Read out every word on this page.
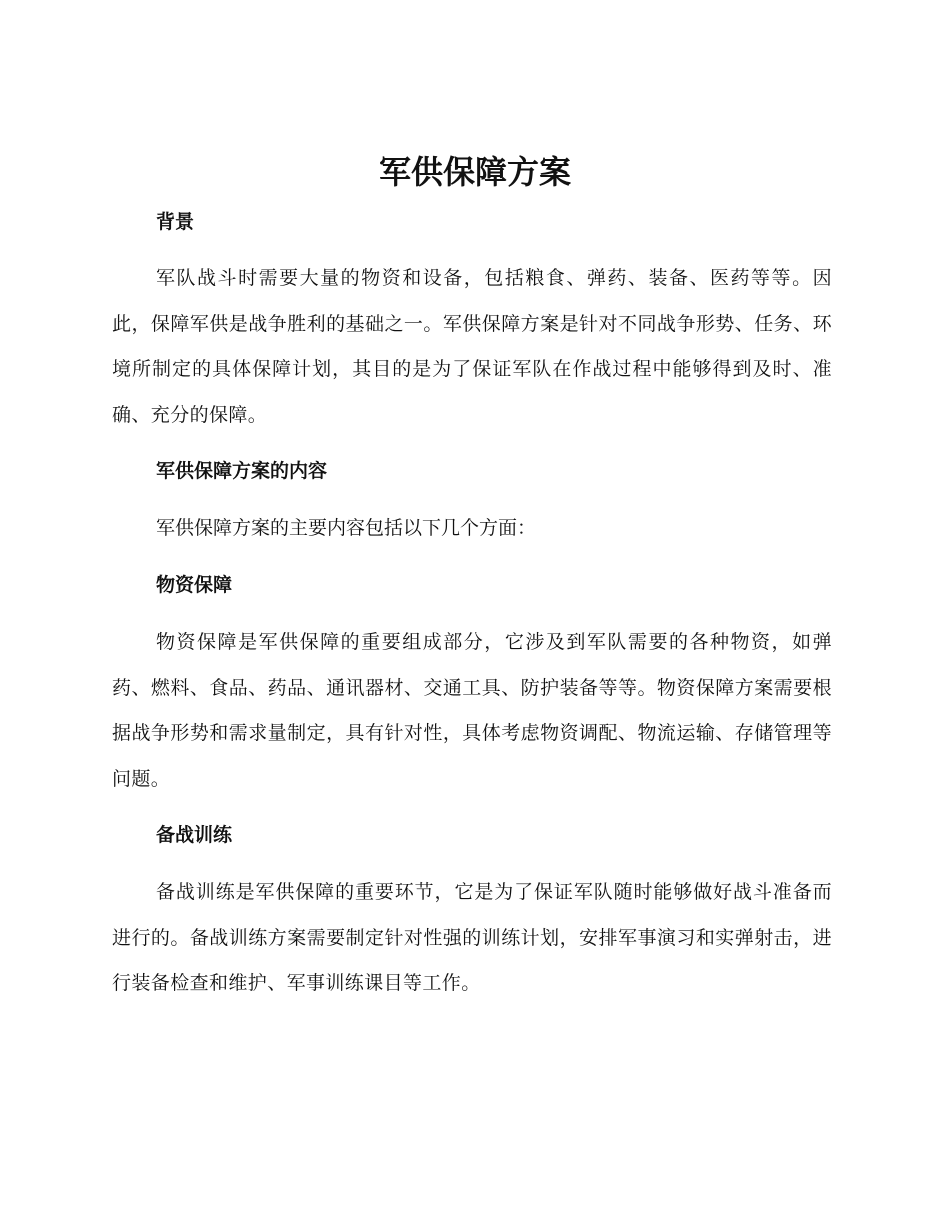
军供保障方案
背景

军队战斗时需要大量的物资和设备，包括粮食、弹药、装备、医药等等。因此，保障军供是战争胜利的基础之一。军供保障方案是针对不同战争形势、任务、环境所制定的具体保障计划，其目的是为了保证军队在作战过程中能够得到及时、准确、充分的保障。

军供保障方案的内容

军供保障方案的主要内容包括以下几个方面：

物资保障

物资保障是军供保障的重要组成部分，它涉及到军队需要的各种物资，如弹药、燃料、食品、药品、通讯器材、交通工具、防护装备等等。物资保障方案需要根据战争形势和需求量制定，具有针对性，具体考虑物资调配、物流运输、存储管理等问题。

备战训练

备战训练是军供保障的重要环节，它是为了保证军队随时能够做好战斗准备而进行的。备战训练方案需要制定针对性强的训练计划，安排军事演习和实弹射击，进行装备检查和维护、军事训练课目等工作。
